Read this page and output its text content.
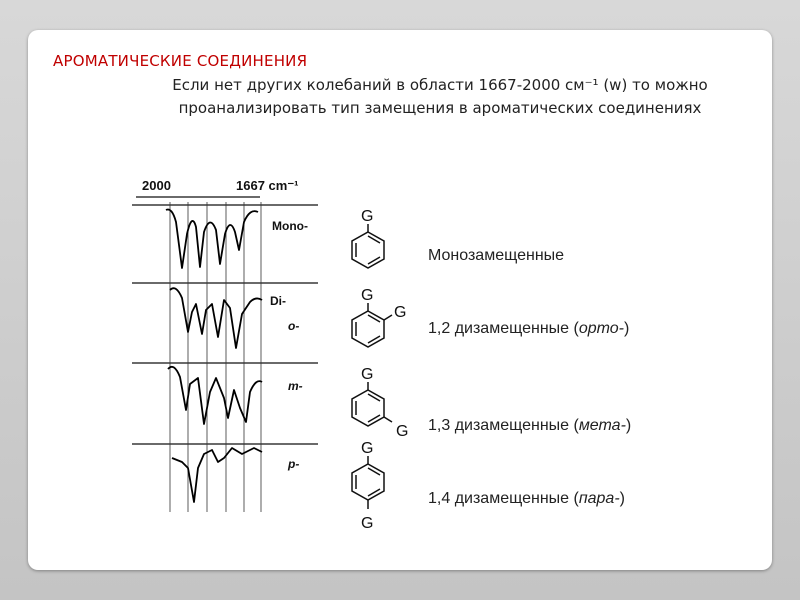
АРОМАТИЧЕСКИЕ СОЕДИНЕНИЯ
Если нет других колебаний в области 1667-2000 см⁻¹ (w) то можно
проанализировать тип замещения в ароматических соединениях
2000	1667 cm⁻¹
Mono-
Di-
o-
m-
p-
G
Монозамещенные
G
G
1,2 дизамещенные (орто-)
G
G 1,3 дизамещенные (мета-)
G
G
1,4 дизамещенные (пара-)
